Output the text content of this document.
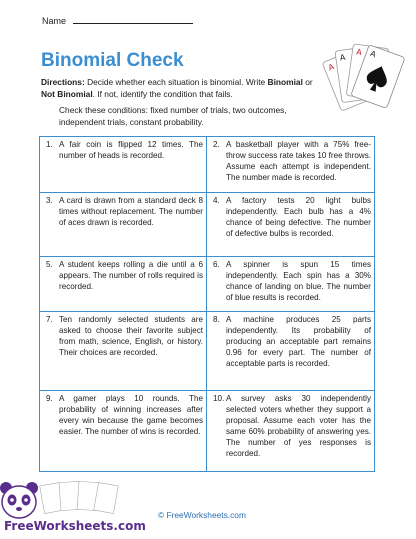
Name
Binomial Check
Directions: Decide whether each situation is binomial. Write Binomial or Not Binomial. If not, identify the condition that fails.
Check these conditions: fixed number of trials, two outcomes, independent trials, constant probability.
A
A
A A
1. A fair coin is flipped 12 times. The number of heads is recorded.
2. A basketball player with a 75% free-throw success rate takes 10 free throws. Assume each attempt is independent. The number made is recorded.
3. A card is drawn from a standard deck 8 times without replacement. The number of aces drawn is recorded.
4. A factory tests 20 light bulbs independently. Each bulb has a 4% chance of being defective. The number of defective bulbs is recorded.
5. A student keeps rolling a die until a 6 appears. The number of rolls required is recorded.
6. A spinner is spun 15 times independently. Each spin has a 30% chance of landing on blue. The number of blue results is recorded.
7. Ten randomly selected students are asked to choose their favorite subject from math, science, English, or history. Their choices are recorded.
8. A machine produces 25 parts independently. Its probability of producing an acceptable part remains 0.96 for every part. The number of acceptable parts is recorded.
9. A gamer plays 10 rounds. The probability of winning increases after every win because the game becomes easier. The number of wins is recorded.
10. A survey asks 30 independently selected voters whether they support a proposal. Assume each voter has the same 60% probability of answering yes. The number of yes responses is recorded.
FreeWorksheets.com
© FreeWorksheets.com
